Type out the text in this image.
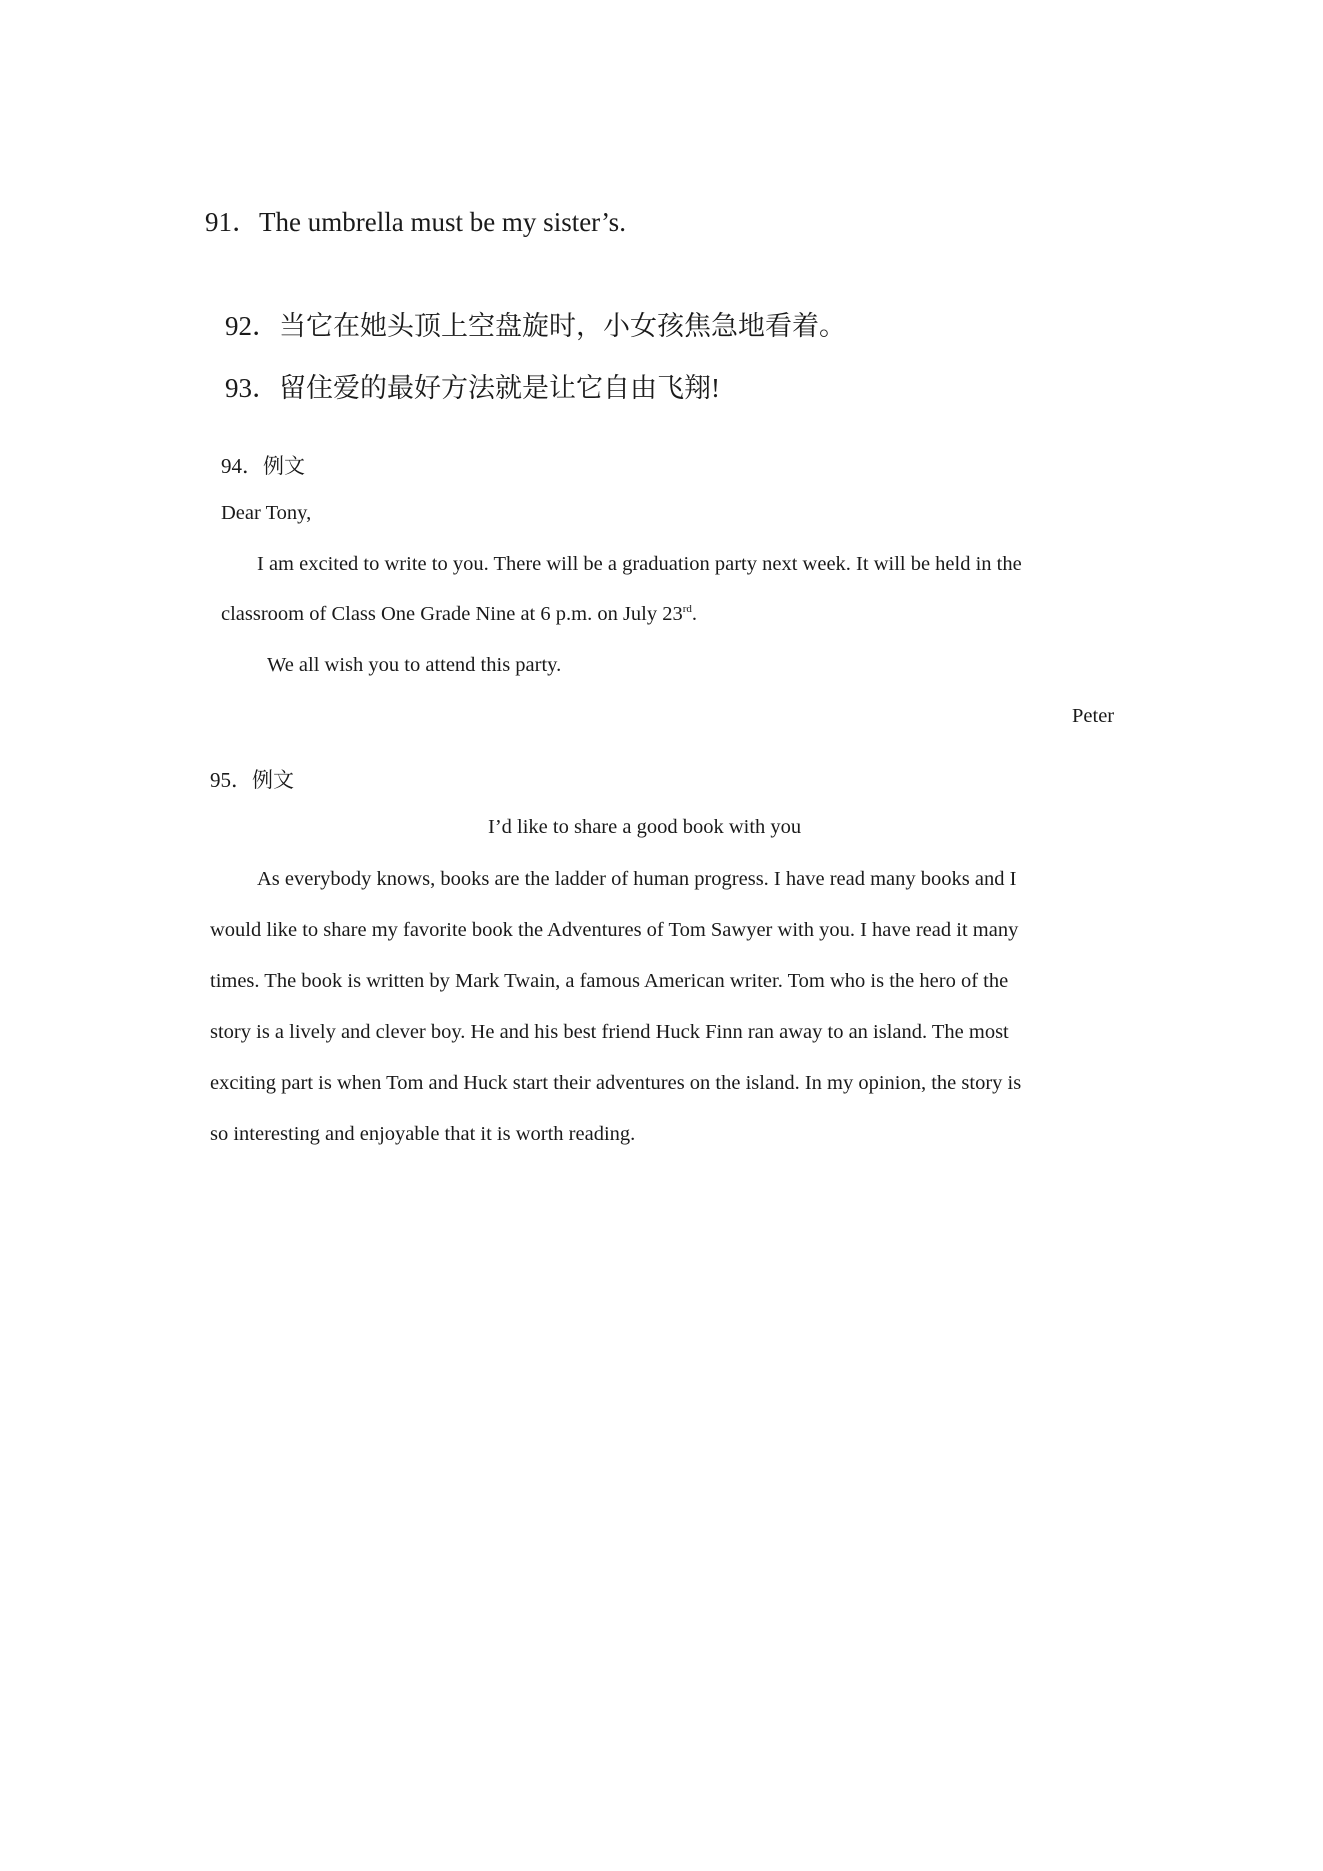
91．The umbrella must be my sister’s.

92．当它在她头顶上空盘旋时，小女孩焦急地看着。

93．留住爱的最好方法就是让它自由飞翔!

94．例文

Dear Tony,

I am excited to write to you. There will be a graduation party next week. It will be held in the

classroom of Class One Grade Nine at 6 p.m. on July 23rd.

We all wish you to attend this party.

Peter

95．例文

I’d like to share a good book with you

As everybody knows, books are the ladder of human progress. I have read many books and I

would like to share my favorite book the Adventures of Tom Sawyer with you. I have read it many

times. The book is written by Mark Twain, a famous American writer. Tom who is the hero of the

story is a lively and clever boy. He and his best friend Huck Finn ran away to an island. The most

exciting part is when Tom and Huck start their adventures on the island. In my opinion, the story is

so interesting and enjoyable that it is worth reading.
